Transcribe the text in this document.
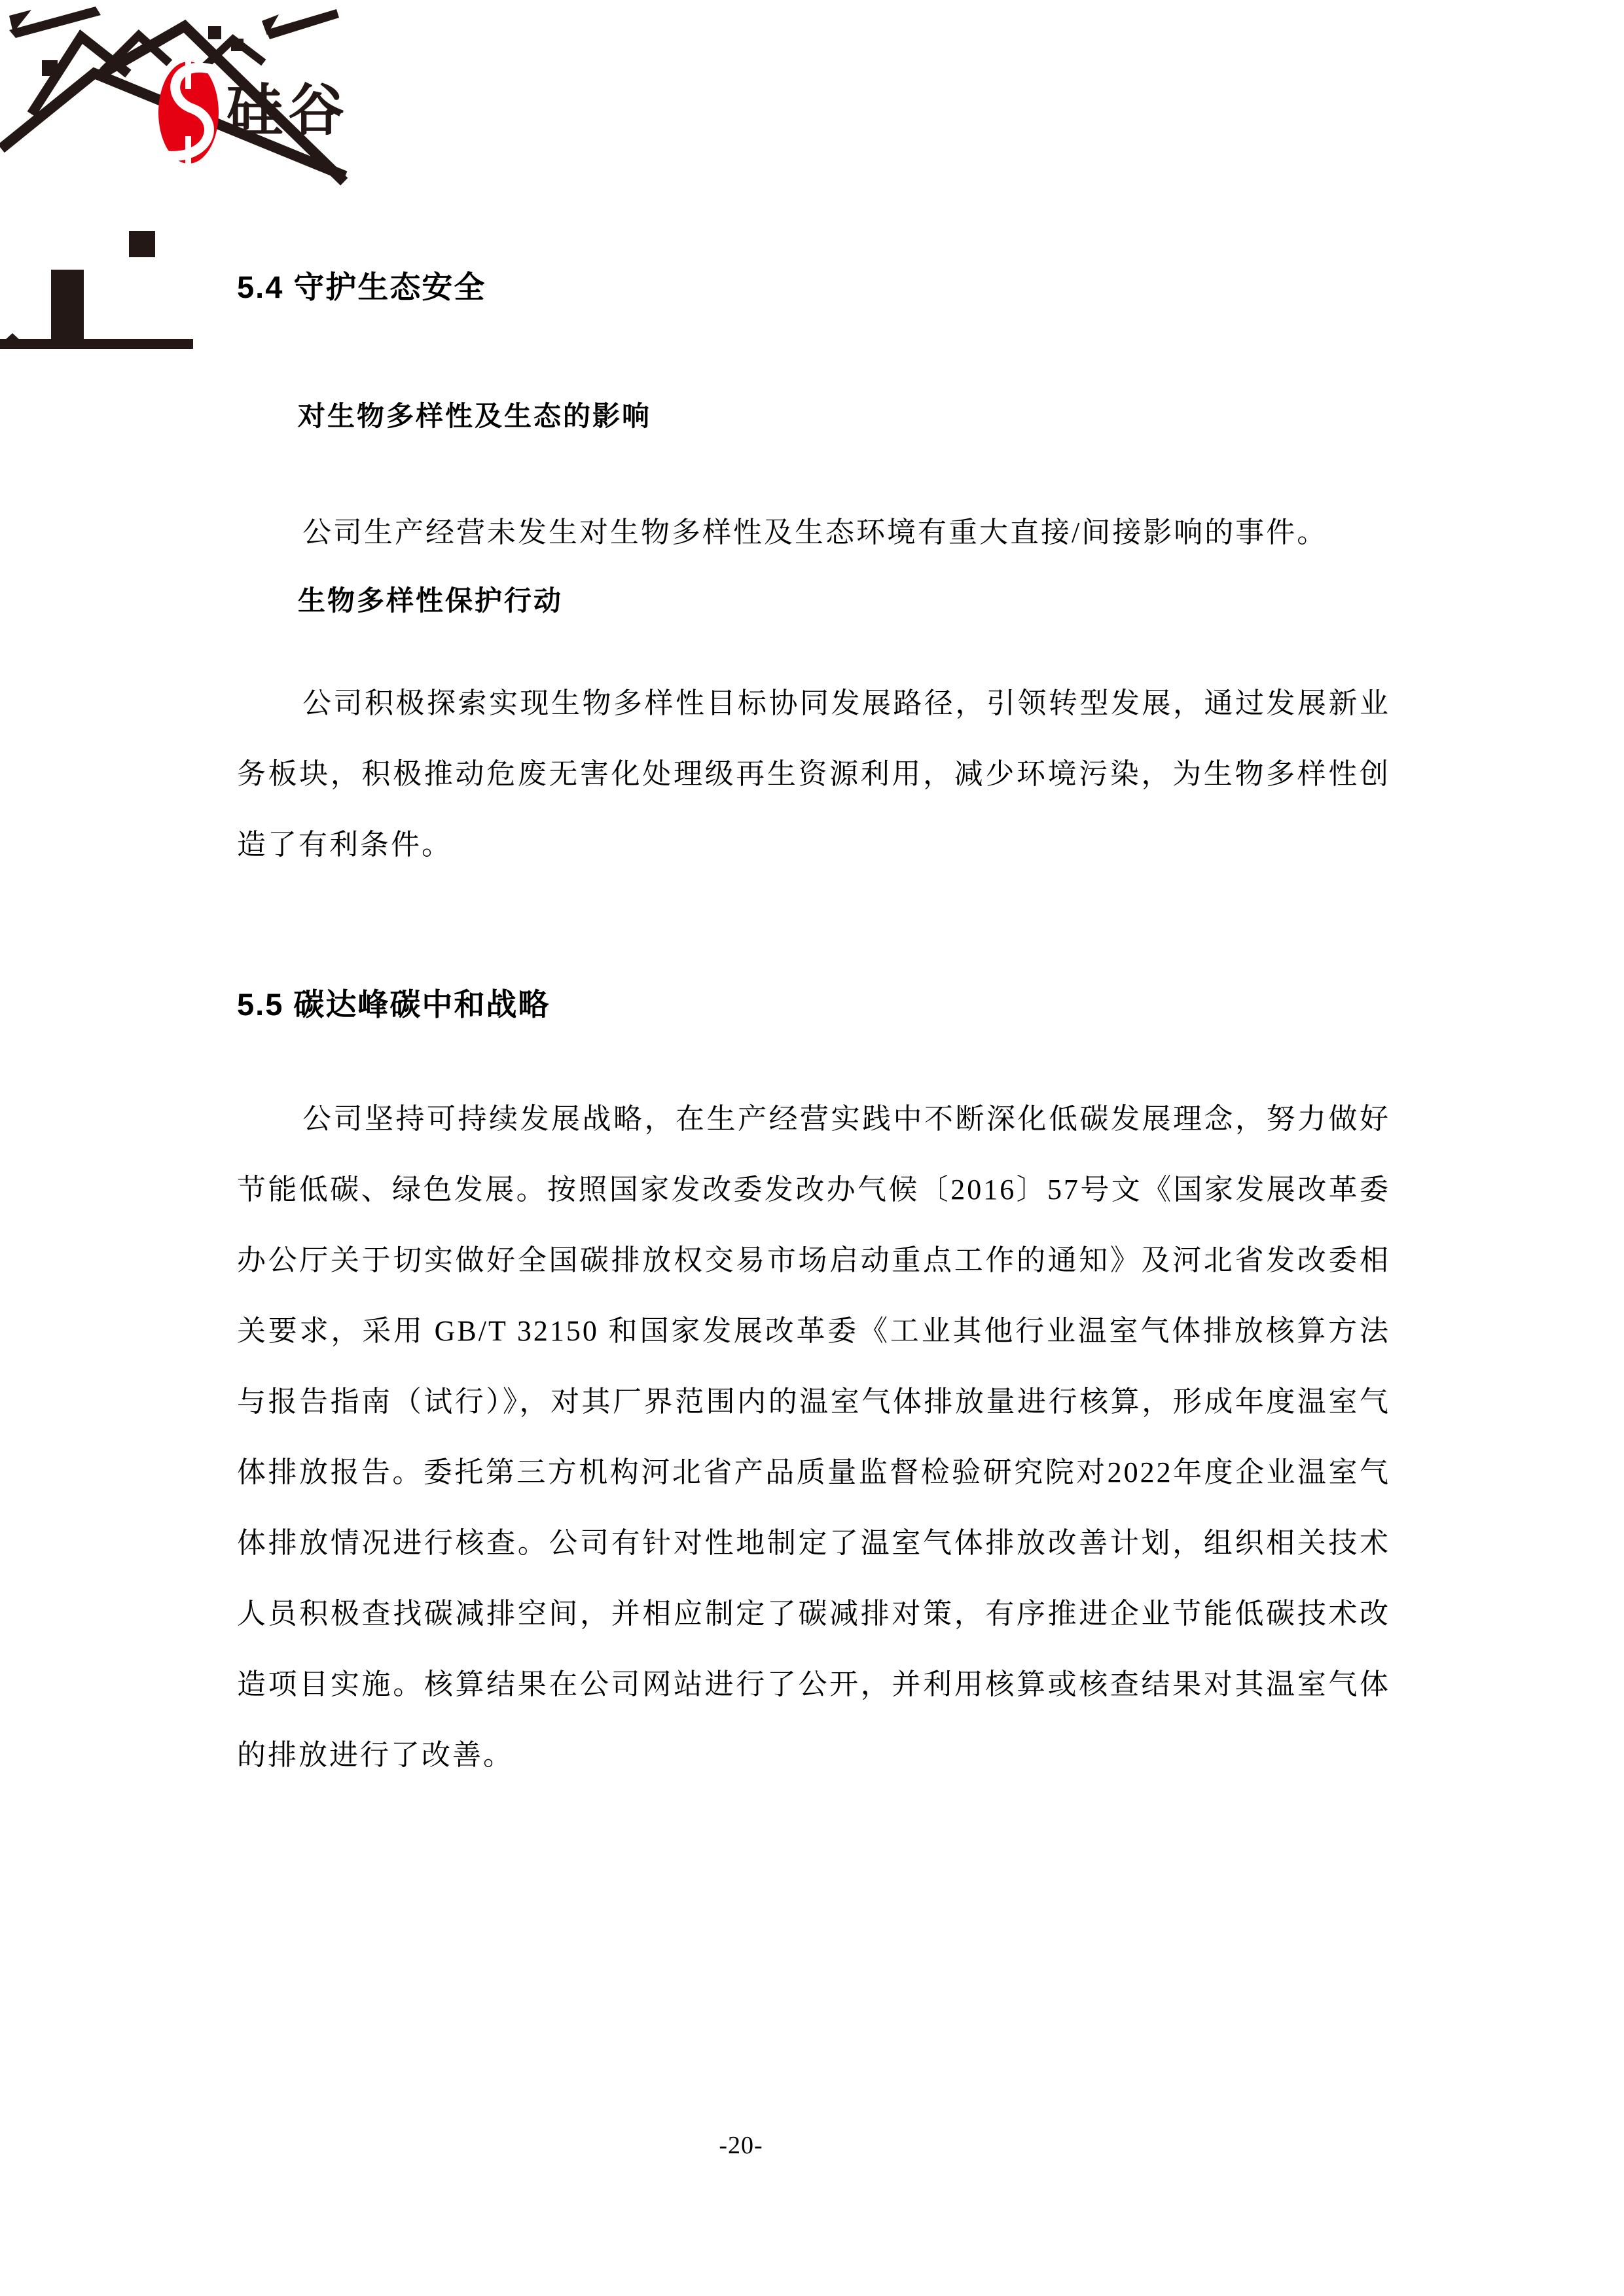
硅谷
5.4 守护生态安全
对生物多样性及生态的影响
公司生产经营未发生对生物多样性及生态环境有重大直接/间接影响的事件。
生物多样性保护行动
公司积极探索实现生物多样性目标协同发展路径，引领转型发展，通过发展新业务板块，积极推动危废无害化处理级再生资源利用，减少环境污染，为生物多样性创造了有利条件。
5.5 碳达峰碳中和战略
公司坚持可持续发展战略，在生产经营实践中不断深化低碳发展理念，努力做好节能低碳、绿色发展。按照国家发改委发改办气候〔2016〕57号文《国家发展改革委办公厅关于切实做好全国碳排放权交易市场启动重点工作的通知》及河北省发改委相关要求，采用 GB/T 32150 和国家发展改革委《工业其他行业温室气体排放核算方法与报告指南（试行）》，对其厂界范围内的温室气体排放量进行核算，形成年度温室气体排放报告。委托第三方机构河北省产品质量监督检验研究院对2022年度企业温室气体排放情况进行核查。公司有针对性地制定了温室气体排放改善计划，组织相关技术人员积极查找碳减排空间，并相应制定了碳减排对策，有序推进企业节能低碳技术改造项目实施。核算结果在公司网站进行了公开，并利用核算或核查结果对其温室气体的排放进行了改善。
-20-
